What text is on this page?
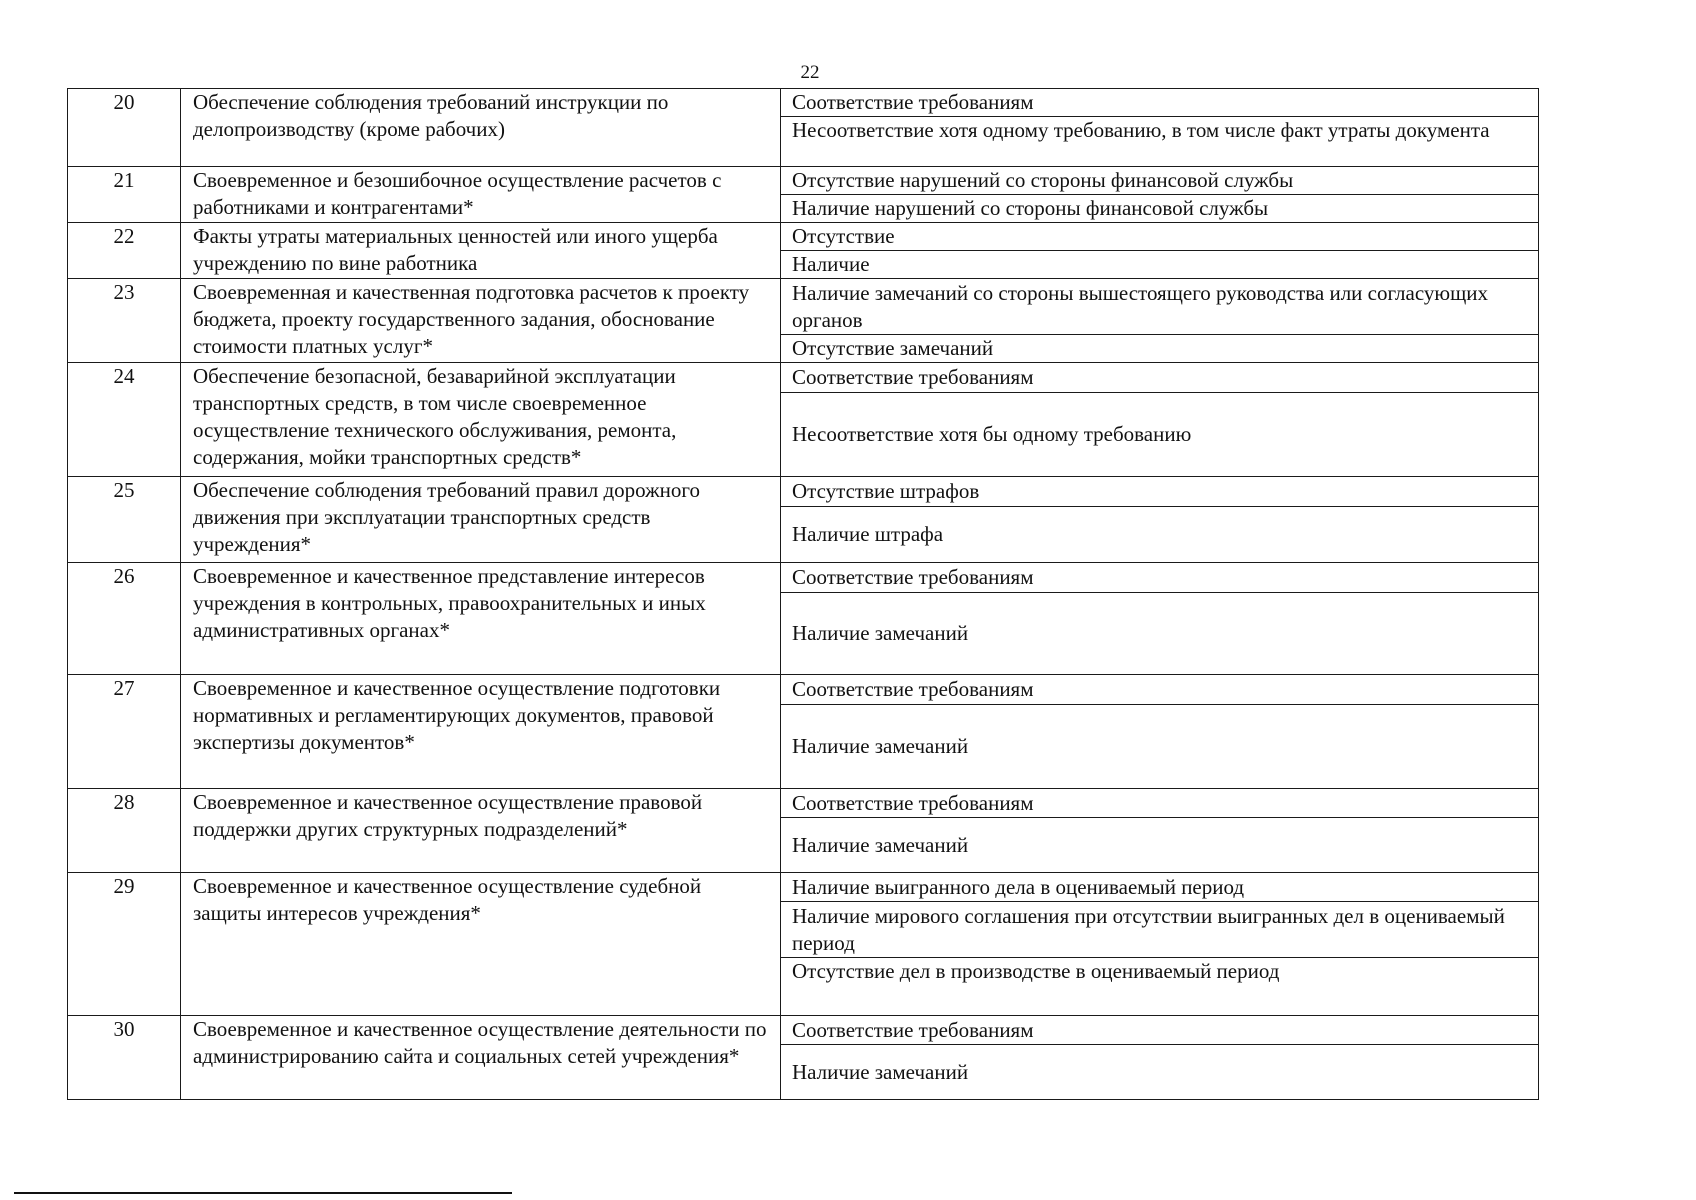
22
20	Обеспечение соблюдения требований инструкции по делопроизводству (кроме рабочих)	Соответствие требованиям
Несоответствие хотя одному требованию, в том числе факт утраты документа

21	Своевременное и безошибочное осуществление расчетов с работниками и контрагентами*	Отсутствие нарушений со стороны финансовой службы
Наличие нарушений со стороны финансовой службы

22	Факты утраты материальных ценностей или иного ущерба учреждению по вине работника	Отсутствие
Наличие

23	Своевременная и качественная подготовка расчетов к проекту бюджета, проекту государственного задания, обоснование стоимости платных услуг*	Наличие замечаний со стороны вышестоящего руководства или согласующих органов
Отсутствие замечаний

24	Обеспечение безопасной, безаварийной эксплуатации транспортных средств, в том числе своевременное осуществление технического обслуживания, ремонта, содержания, мойки транспортных средств*	Соответствие требованиям
Несоответствие хотя бы одному требованию

25	Обеспечение соблюдения требований правил дорожного движения при эксплуатации транспортных средств учреждения*	Отсутствие штрафов
Наличие штрафа

26	Своевременное и качественное представление интересов учреждения в контрольных, правоохранительных и иных административных органах*	Соответствие требованиям
Наличие замечаний

27	Своевременное и качественное осуществление подготовки нормативных и регламентирующих документов, правовой экспертизы документов*	Соответствие требованиям
Наличие замечаний

28	Своевременное и качественное осуществление правовой поддержки других структурных подразделений*	Соответствие требованиям
Наличие замечаний

29	Своевременное и качественное осуществление судебной защиты интересов учреждения*	Наличие выигранного дела в оцениваемый период
Наличие мирового соглашения при отсутствии выигранных дел в оцениваемый период
Отсутствие дел в производстве в оцениваемый период

30	Своевременное и качественное осуществление деятельности по администрированию сайта и социальных сетей учреждения*	Соответствие требованиям
Наличие замечаний
